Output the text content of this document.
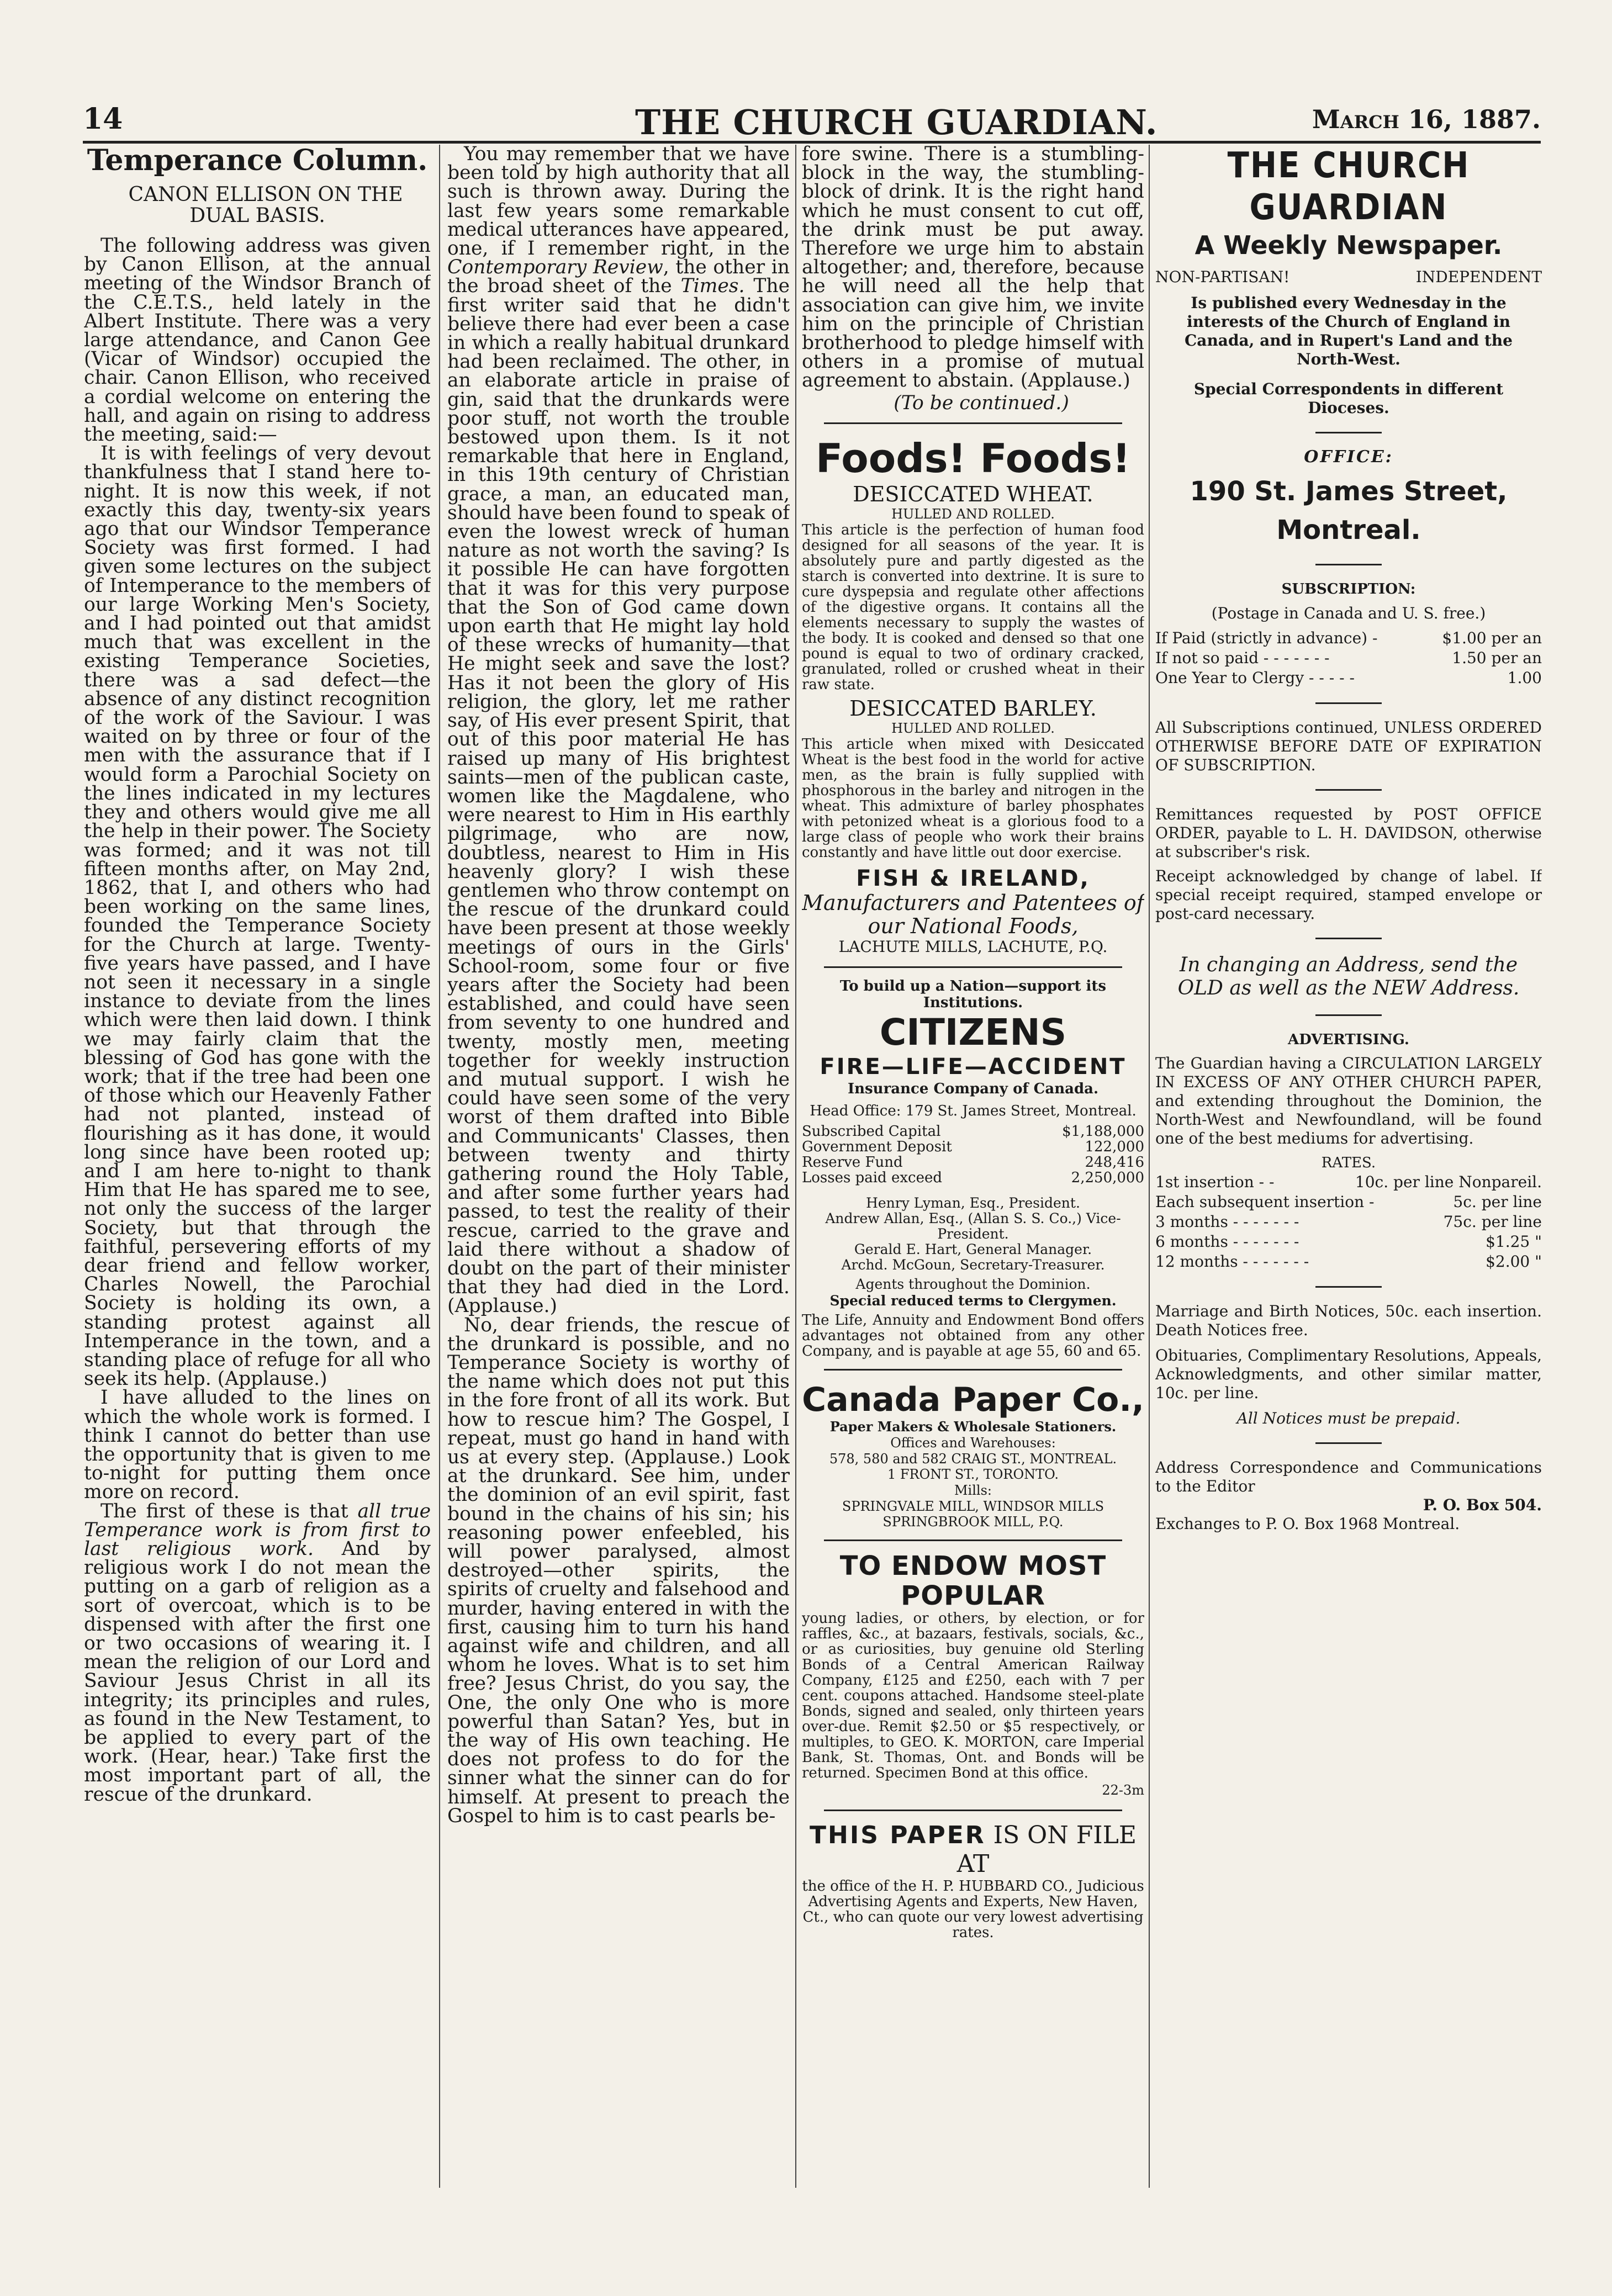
14	THE CHURCH GUARDIAN.	March 16, 1887.
Temperance Column.

CANON ELLISON ON THE DUAL BASIS.

The following address was given by Canon Ellison, at the annual meeting of the Windsor Branch of the C.E.T.S., held lately in the Albert Institute. There was a very large attendance, and Canon Gee (Vicar of Windsor) occupied the chair. Canon Ellison, who received a cordial welcome on entering the hall, and again on rising to address the meeting, said:—

It is with feelings of very devout thankfulness that I stand here to-night. It is now this week, if not exactly this day, twenty-six years ago that our Windsor Temperance Society was first formed. I had given some lectures on the subject of Intemperance to the members of our large Working Men's Society, and I had pointed out that amidst much that was excellent in the existing Temperance Societies, there was a sad defect—the absence of any distinct recognition of the work of the Saviour. I was waited on by three or four of the men with the assurance that if I would form a Parochial Society on the lines indicated in my lectures they and others would give me all the help in their power. The Society was formed; and it was not till fifteen months after, on May 2nd, 1862, that I, and others who had been working on the same lines, founded the Temperance Society for the Church at large. Twenty-five years have passed, and I have not seen it necessary in a single instance to deviate from the lines which were then laid down. I think we may fairly claim that the blessing of God has gone with the work; that if the tree had been one of those which our Heavenly Father had not planted, instead of flourishing as it has done, it would long since have been rooted up; and I am here to-night to thank Him that He has spared me to see, not only the success of the larger Society, but that through the faithful, persevering efforts of my dear friend and fellow worker, Charles Nowell, the Parochial Society is holding its own, a standing protest against all Intemperance in the town, and a standing place of refuge for all who seek its help. (Applause.)

I have alluded to the lines on which the whole work is formed. I think I cannot do better than use the opportunity that is given to me to-night for putting them once more on record.

The first of these is that all true Temperance work is from first to last religious work. And by religious work I do not mean the putting on a garb of religion as a sort of overcoat, which is to be dispensed with after the first one or two occasions of wearing it. I mean the religion of our Lord and Saviour Jesus Christ in all its integrity; its principles and rules, as found in the New Testament, to be applied to every part of the work. (Hear, hear.) Take first the most important part of all, the rescue of the drunkard.

You may remember that we have been told by high authority that all such is thrown away. During the last few years some remarkable medical utterances have appeared, one, if I remember right, in the Contemporary Review, the other in the broad sheet of the Times. The first writer said that he didn't believe there had ever been a case in which a really habitual drunkard had been reclaimed. The other, in an elaborate article in praise of gin, said that the drunkards were poor stuff, not worth the trouble bestowed upon them. Is it not remarkable that here in England, in this 19th century of Christian grace, a man, an educated man, should have been found to speak of even the lowest wreck of human nature as not worth the saving? Is it possible He can have forgotten that it was for this very purpose that the Son of God came down upon earth that He might lay hold of these wrecks of humanity—that He might seek and save the lost? Has it not been the glory of His religion, the glory, let me rather say, of His ever present Spirit, that out of this poor material He has raised up many of His brightest saints—men of the publican caste, women like the Magdalene, who were nearest to Him in His earthly pilgrimage, who are now, doubtless, nearest to Him in His heavenly glory? I wish these gentlemen who throw contempt on the rescue of the drunkard could have been present at those weekly meetings of ours in the Girls' School-room, some four or five years after the Society had been established, and could have seen from seventy to one hundred and twenty, mostly men, meeting together for weekly instruction and mutual support. I wish he could have seen some of the very worst of them drafted into Bible and Communicants' Classes, then between twenty and thirty gathering round the Holy Table, and after some further years had passed, to test the reality of their rescue, carried to the grave and laid there without a shadow of doubt on the part of their minister that they had died in the Lord. (Applause.)

No, dear friends, the rescue of the drunkard is possible, and no Temperance Society is worthy of the name which does not put this in the fore front of all its work. But how to rescue him? The Gospel, I repeat, must go hand in hand with us at every step. (Applause.) Look at the drunkard. See him, under the dominion of an evil spirit, fast bound in the chains of his sin; his reasoning power enfeebled, his will power paralysed, almost destroyed—other spirits, the spirits of cruelty and falsehood and murder, having entered in with the first, causing him to turn his hand against wife and children, and all whom he loves. What is to set him free? Jesus Christ, do you say, the One, the only One who is more powerful than Satan? Yes, but in the way of His own teaching. He does not profess to do for the sinner what the sinner can do for himself. At present to preach the Gospel to him is to cast pearls be-

fore swine. There is a stumbling-block in the way, the stumbling-block of drink. It is the right hand which he must consent to cut off, the drink must be put away. Therefore we urge him to abstain altogether; and, therefore, because he will need all the help that association can give him, we invite him on the principle of Christian brotherhood to pledge himself with others in a promise of mutual agreement to abstain. (Applause.)

(To be continued.)

Foods! Foods!
DESICCATED WHEAT.
HULLED AND ROLLED.
This article is the perfection of human food designed for all seasons of the year. It is absolutely pure and partly digested as the starch is converted into dextrine. It is sure to cure dyspepsia and regulate other affections of the digestive organs. It contains all the elements necessary to supply the wastes of the body. It is cooked and densed so that one pound is equal to two of ordinary cracked, granulated, rolled or crushed wheat in their raw state.
DESICCATED BARLEY.
HULLED AND ROLLED.
This article when mixed with Desiccated Wheat is the best food in the world for active men, as the brain is fully supplied with phosphorous in the barley and nitrogen in the wheat. This admixture of barley phosphates with petonized wheat is a glorious food to a large class of people who work their brains constantly and have little out door exercise.
FISH & IRELAND,
Manufacturers and Patentees of our National Foods,
LACHUTE MILLS, LACHUTE, P.Q.
To build up a Nation—support its Institutions.
CITIZENS
FIRE—LIFE—ACCIDENT
Insurance Company of Canada.
Head Office: 179 St. James Street, Montreal.
Subscribed Capital	$1,188,000
Government Deposit	122,000
Reserve Fund	248,416
Losses paid exceed	2,250,000
Henry Lyman, Esq., President.
Andrew Allan, Esq., (Allan S. S. Co.,) Vice-President.
Gerald E. Hart, General Manager.
Archd. McGoun, Secretary-Treasurer.
Agents throughout the Dominion.
Special reduced terms to Clergymen.
The Life, Annuity and Endowment Bond offers advantages not obtained from any other Company, and is payable at age 55, 60 and 65.
Canada Paper Co.,
Paper Makers & Wholesale Stationers.
Offices and Warehouses:
578, 580 and 582 CRAIG ST., MONTREAL.
1 FRONT ST., TORONTO.
Mills:
SPRINGVALE MILL, WINDSOR MILLS SPRINGBROOK MILL, P.Q.
TO ENDOW MOST POPULAR
young ladies, or others, by election, or for raffles, &c., at bazaars, festivals, socials, &c., or as curiosities, buy genuine old Sterling Bonds of a Central American Railway Company, £125 and £250, each with 7 per cent. coupons attached. Handsome steel-plate Bonds, signed and sealed, only thirteen years over-due. Remit $2.50 or $5 respectively, or multiples, to GEO. K. MORTON, care Imperial Bank, St. Thomas, Ont. and Bonds will be returned. Specimen Bond at this office.
22-3m
THIS PAPER IS ON FILE AT
the office of the H. P. HUBBARD CO., Judicious Advertising Agents and Experts, New Haven, Ct., who can quote our very lowest advertising rates.
THE CHURCH GUARDIAN
A Weekly Newspaper.
NON-PARTISAN!	INDEPENDENT
Is published every Wednesday in the interests of the Church of England in Canada, and in Rupert's Land and the North-West.
Special Correspondents in different Dioceses.
OFFICE:
190 St. James Street, Montreal.
SUBSCRIPTION:
(Postage in Canada and U. S. free.)
If Paid (strictly in advance) -	$1.00 per an
If not so paid - - - - - - -	1.50 per an
One Year to Clergy - - - - -	1.00
All Subscriptions continued, UNLESS ORDERED OTHERWISE BEFORE DATE OF EXPIRATION OF SUBSCRIPTION.
Remittances requested by POST OFFICE ORDER, payable to L. H. DAVIDSON, otherwise at subscriber's risk.
Receipt acknowledged by change of label. If special receipt required, stamped envelope or post-card necessary.
In changing an Address, send the OLD as well as the NEW Address.
ADVERTISING.
The Guardian having a CIRCULATION LARGELY IN EXCESS OF ANY OTHER CHURCH PAPER, and extending throughout the Dominion, the North-West and Newfoundland, will be found one of the best mediums for advertising.
RATES.
1st insertion - -	10c. per line Nonpareil.
Each subsequent insertion -	5c. per line
3 months - - - - - - -	75c. per line
6 months - - - - - - -	$1.25 "
12 months - - - - - - -	$2.00 "
Marriage and Birth Notices, 50c. each insertion. Death Notices free.
Obituaries, Complimentary Resolutions, Appeals, Acknowledgments, and other similar matter, 10c. per line.
All Notices must be prepaid.
Address Correspondence and Communications to the Editor
P. O. Box 504.
Exchanges to P. O. Box 1968 Montreal.
